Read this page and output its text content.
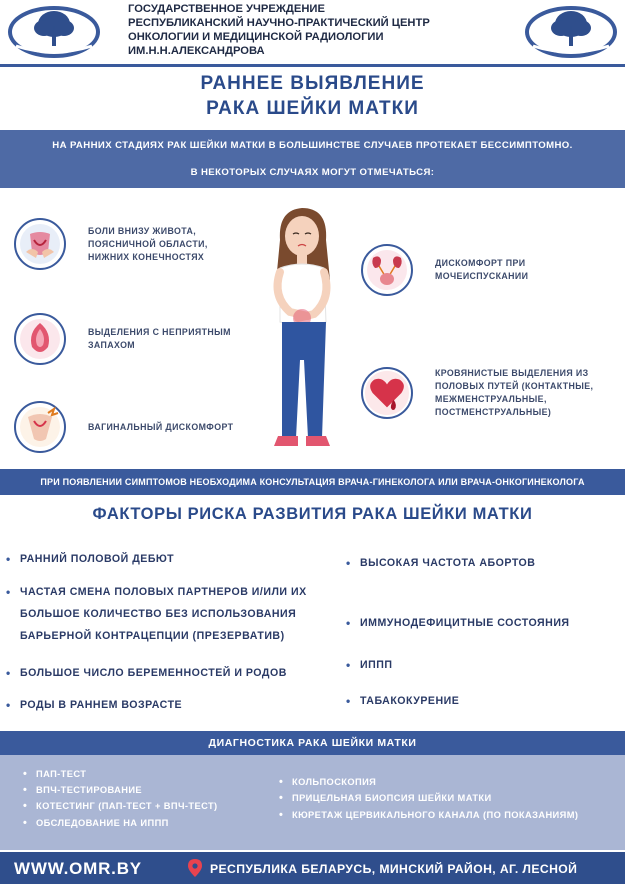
ГОСУДАРСТВЕННОЕ УЧРЕЖДЕНИЕ
РЕСПУБЛИКАНСКИЙ НАУЧНО-ПРАКТИЧЕСКИЙ ЦЕНТР
ОНКОЛОГИИ И МЕДИЦИНСКОЙ РАДИОЛОГИИ
ИМ.Н.Н.АЛЕКСАНДРОВА
РАННЕЕ ВЫЯВЛЕНИЕ
РАКА ШЕЙКИ МАТКИ
НА РАННИХ СТАДИЯХ РАК ШЕЙКИ МАТКИ В БОЛЬШИНСТВЕ СЛУЧАЕВ ПРОТЕКАЕТ БЕССИМПТОМНО.
В НЕКОТОРЫХ СЛУЧАЯХ МОГУТ ОТМЕЧАТЬСЯ:
БОЛИ ВНИЗУ ЖИВОТА,
ПОЯСНИЧНОЙ ОБЛАСТИ,
НИЖНИХ КОНЕЧНОСТЯХ
ВЫДЕЛЕНИЯ С НЕПРИЯТНЫМ
ЗАПАХОМ
ВАГИНАЛЬНЫЙ ДИСКОМФОРТ
ДИСКОМФОРТ ПРИ
МОЧЕИСПУСКАНИИ
КРОВЯНИСТЫЕ ВЫДЕЛЕНИЯ ИЗ
ПОЛОВЫХ ПУТЕЙ (КОНТАКТНЫЕ,
МЕЖМЕНСТРУАЛЬНЫЕ,
ПОСТМЕНСТРУАЛЬНЫЕ)
ПРИ ПОЯВЛЕНИИ СИМПТОМОВ НЕОБХОДИМА КОНСУЛЬТАЦИЯ ВРАЧА-ГИНЕКОЛОГА ИЛИ ВРАЧА-ОНКОГИНЕКОЛОГА
ФАКТОРЫ РИСКА РАЗВИТИЯ РАКА ШЕЙКИ МАТКИ
• РАННИЙ ПОЛОВОЙ ДЕБЮТ
• ЧАСТАЯ СМЕНА ПОЛОВЫХ ПАРТНЕРОВ И/ИЛИ ИХ
БОЛЬШОЕ КОЛИЧЕСТВО БЕЗ ИСПОЛЬЗОВАНИЯ
БАРЬЕРНОЙ КОНТРАЦЕПЦИИ (ПРЕЗЕРВАТИВ)
• БОЛЬШОЕ ЧИСЛО БЕРЕМЕННОСТЕЙ И РОДОВ
• РОДЫ В РАННЕМ ВОЗРАСТЕ
• ВЫСОКАЯ ЧАСТОТА АБОРТОВ
• ИММУНОДЕФИЦИТНЫЕ СОСТОЯНИЯ
• ИППП
• ТАБАКОКУРЕНИЕ
ДИАГНОСТИКА РАКА ШЕЙКИ МАТКИ
• ПАП-ТЕСТ
• ВПЧ-ТЕСТИРОВАНИЕ
• КОТЕСТИНГ (ПАП-ТЕСТ + ВПЧ-ТЕСТ)
• ОБСЛЕДОВАНИЕ НА ИППП
• КОЛЬПОСКОПИЯ
• ПРИЦЕЛЬНАЯ БИОПСИЯ ШЕЙКИ МАТКИ
• КЮРЕТАЖ ЦЕРВИКАЛЬНОГО КАНАЛА (ПО ПОКАЗАНИЯМ)
WWW.OMR.BY	РЕСПУБЛИКА БЕЛАРУСЬ, МИНСКИЙ РАЙОН, АГ. ЛЕСНОЙ
